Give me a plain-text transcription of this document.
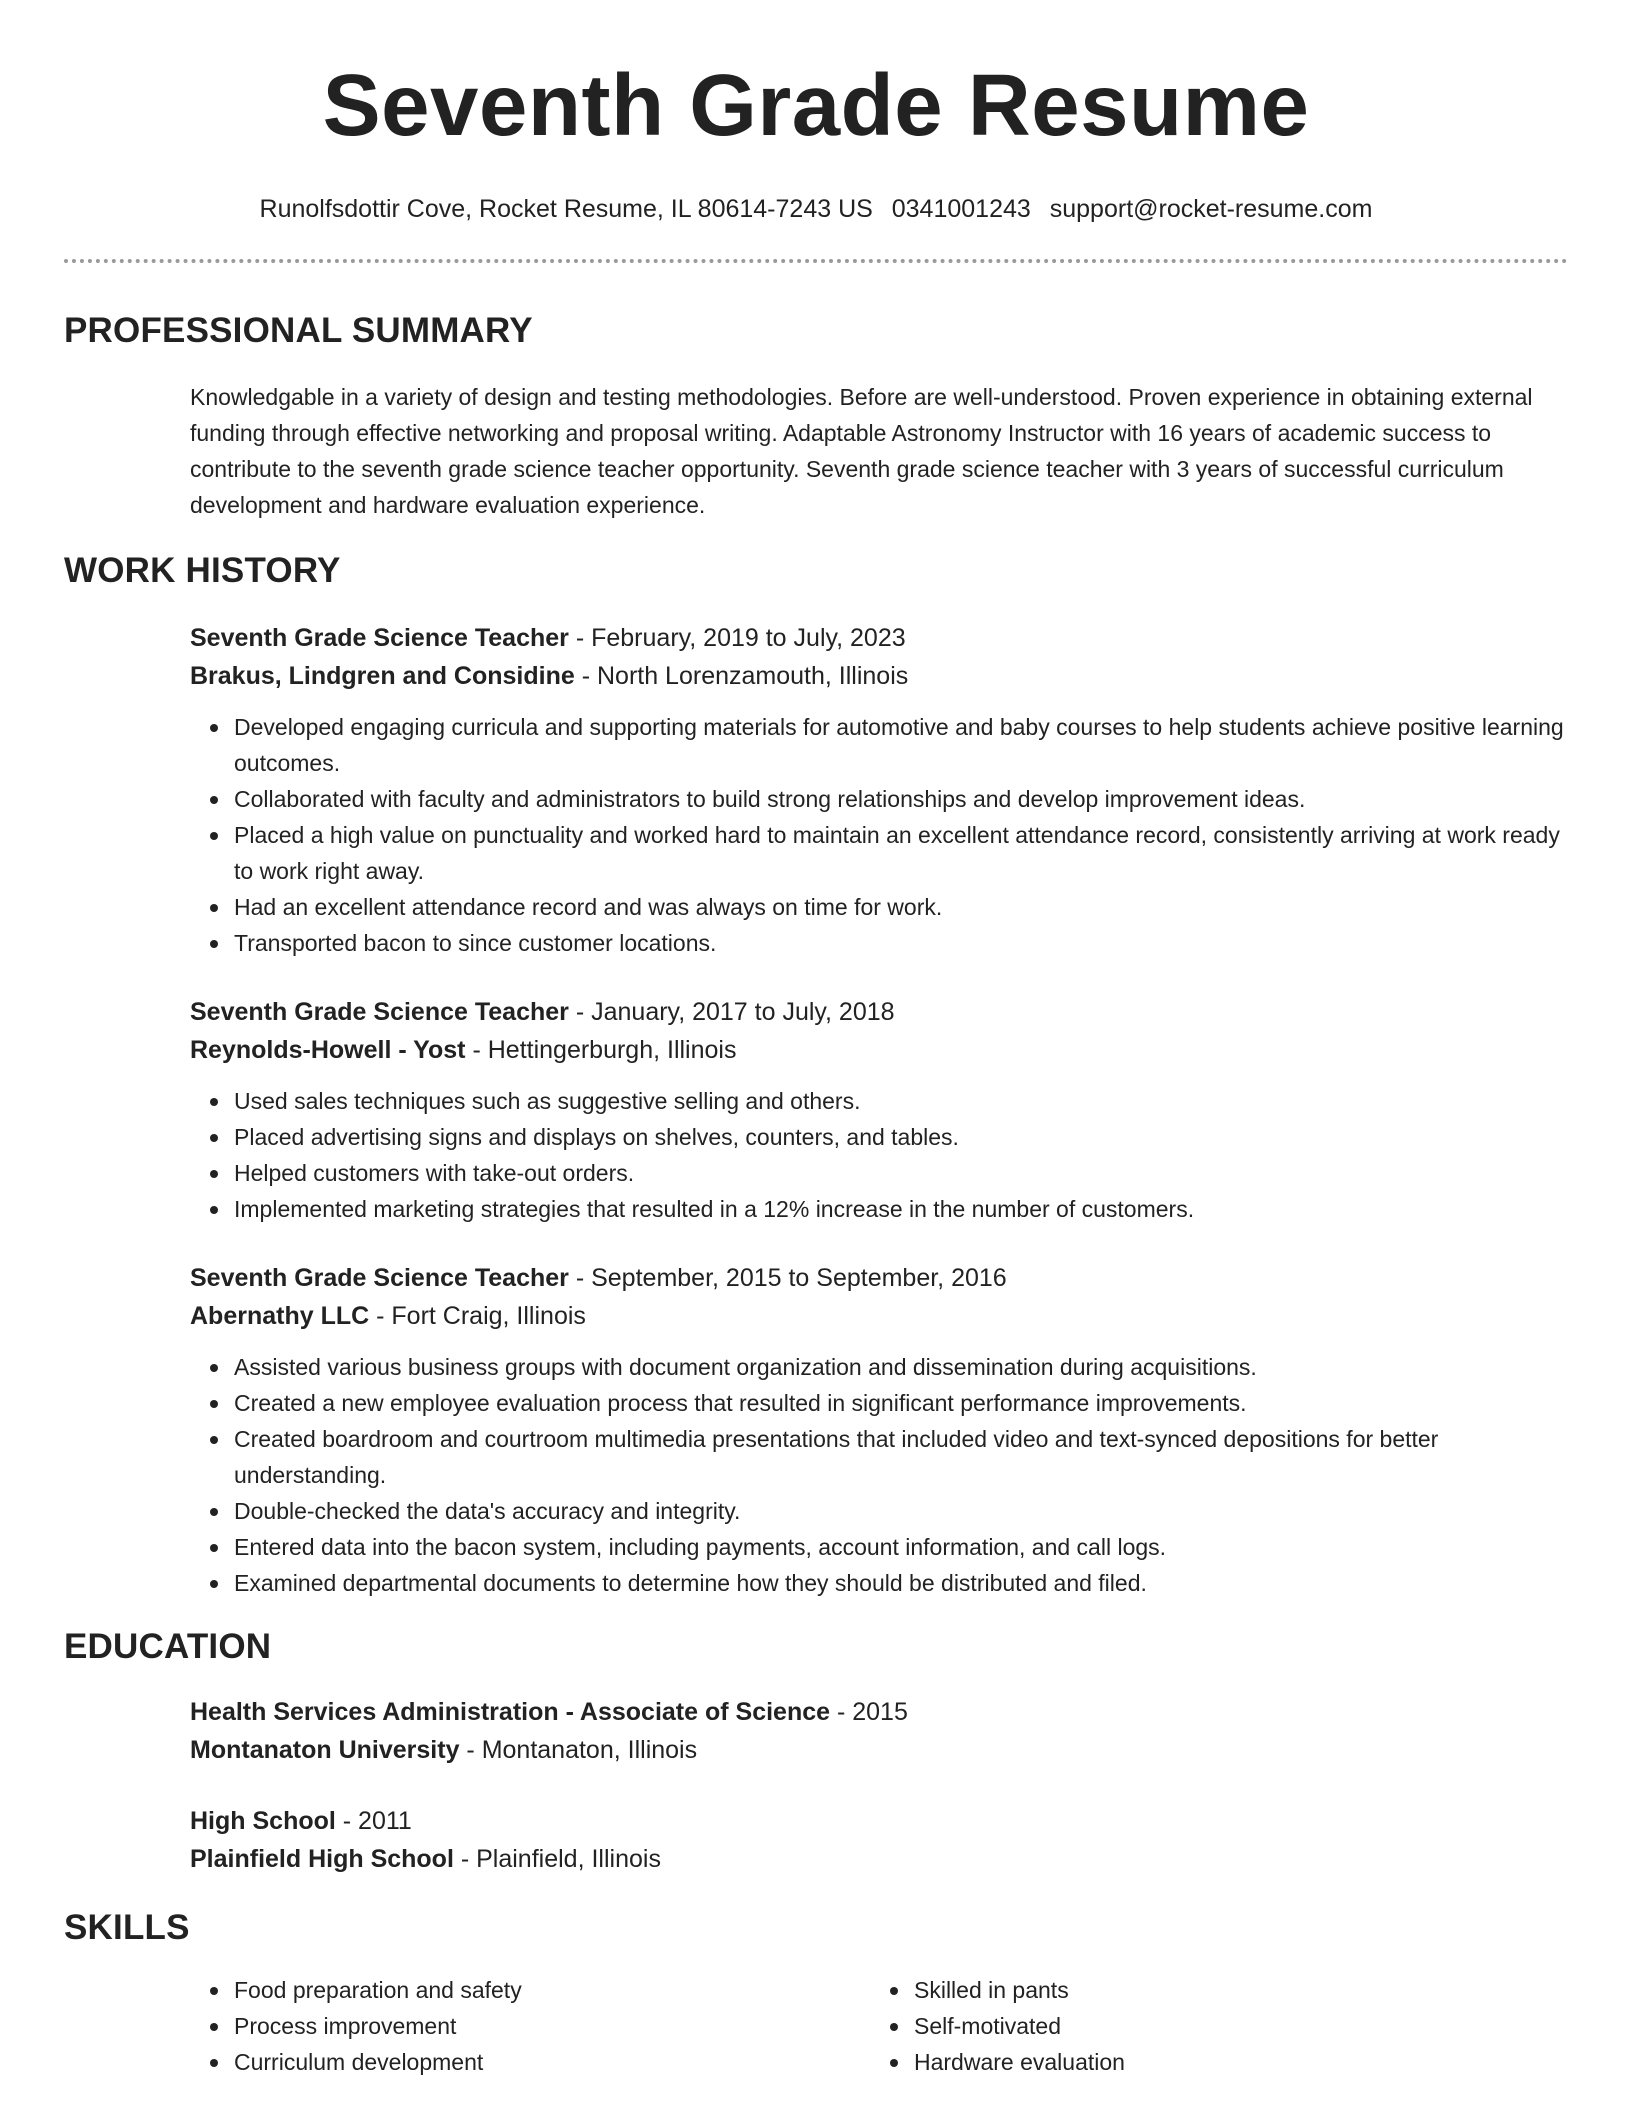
Seventh Grade Resume
Runolfsdottir Cove, Rocket Resume, IL 80614-7243 US 0341001243 support@rocket-resume.com
PROFESSIONAL SUMMARY

Knowledgable in a variety of design and testing methodologies. Before are well-understood. Proven experience in obtaining external funding through effective networking and proposal writing. Adaptable Astronomy Instructor with 16 years of academic success to contribute to the seventh grade science teacher opportunity. Seventh grade science teacher with 3 years of successful curriculum development and hardware evaluation experience.

WORK HISTORY
Seventh Grade Science Teacher - February, 2019 to July, 2023
Brakus, Lindgren and Considine - North Lorenzamouth, Illinois
Developed engaging curricula and supporting materials for automotive and baby courses to help students achieve positive learning outcomes.
Collaborated with faculty and administrators to build strong relationships and develop improvement ideas.
Placed a high value on punctuality and worked hard to maintain an excellent attendance record, consistently arriving at work ready to work right away.
Had an excellent attendance record and was always on time for work.
Transported bacon to since customer locations.
Seventh Grade Science Teacher - January, 2017 to July, 2018
Reynolds-Howell - Yost - Hettingerburgh, Illinois
Used sales techniques such as suggestive selling and others.
Placed advertising signs and displays on shelves, counters, and tables.
Helped customers with take-out orders.
Implemented marketing strategies that resulted in a 12% increase in the number of customers.
Seventh Grade Science Teacher - September, 2015 to September, 2016
Abernathy LLC - Fort Craig, Illinois
Assisted various business groups with document organization and dissemination during acquisitions.
Created a new employee evaluation process that resulted in significant performance improvements.
Created boardroom and courtroom multimedia presentations that included video and text-synced depositions for better understanding.
Double-checked the data's accuracy and integrity.
Entered data into the bacon system, including payments, account information, and call logs.
Examined departmental documents to determine how they should be distributed and filed.
EDUCATION
Health Services Administration - Associate of Science - 2015
Montanaton University - Montanaton, Illinois
High School - 2011
Plainfield High School - Plainfield, Illinois
SKILLS
Food preparation and safety
Process improvement
Curriculum development
Skilled in pants
Self-motivated
Hardware evaluation
